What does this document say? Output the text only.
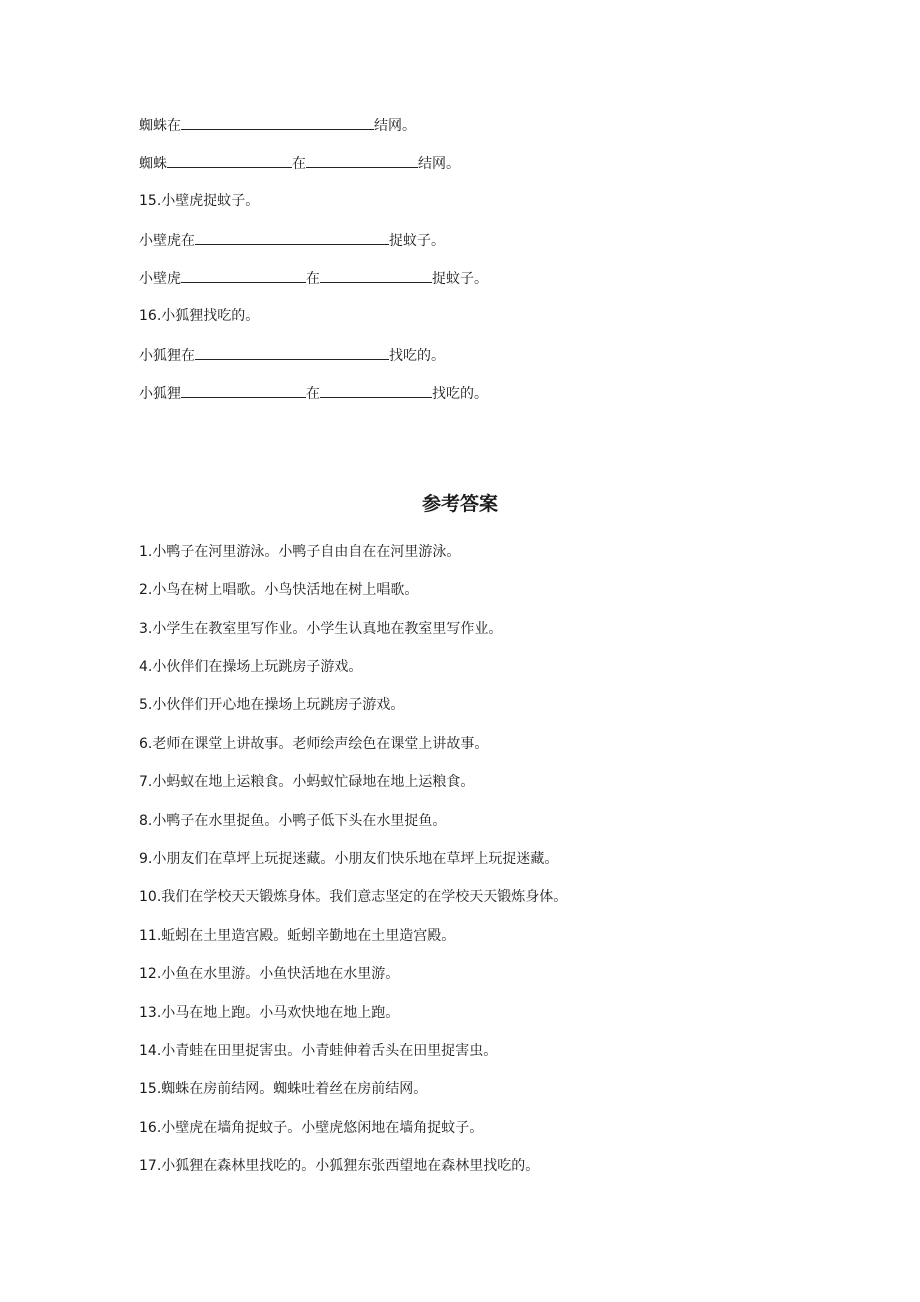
蜘蛛在	结网。
蜘蛛	在	结网。
15.小壁虎捉蚊子。
小壁虎在	捉蚊子。
小壁虎	在	捉蚊子。
16.小狐狸找吃的。
小狐狸在	找吃的。
小狐狸	在	找吃的。
参考答案
1.小鸭子在河里游泳。小鸭子自由自在在河里游泳。
2.小鸟在树上唱歌。小鸟快活地在树上唱歌。
3.小学生在教室里写作业。小学生认真地在教室里写作业。
4.小伙伴们在操场上玩跳房子游戏。
5.小伙伴们开心地在操场上玩跳房子游戏。
6.老师在课堂上讲故事。老师绘声绘色在课堂上讲故事。
7.小蚂蚁在地上运粮食。小蚂蚁忙碌地在地上运粮食。
8.小鸭子在水里捉鱼。小鸭子低下头在水里捉鱼。
9.小朋友们在草坪上玩捉迷藏。小朋友们快乐地在草坪上玩捉迷藏。
10.我们在学校天天锻炼身体。我们意志坚定的在学校天天锻炼身体。
11.蚯蚓在土里造宫殿。蚯蚓辛勤地在土里造宫殿。
12.小鱼在水里游。小鱼快活地在水里游。
13.小马在地上跑。小马欢快地在地上跑。
14.小青蛙在田里捉害虫。小青蛙伸着舌头在田里捉害虫。
15.蜘蛛在房前结网。蜘蛛吐着丝在房前结网。
16.小壁虎在墙角捉蚊子。小壁虎悠闲地在墙角捉蚊子。
17.小狐狸在森林里找吃的。小狐狸东张西望地在森林里找吃的。
